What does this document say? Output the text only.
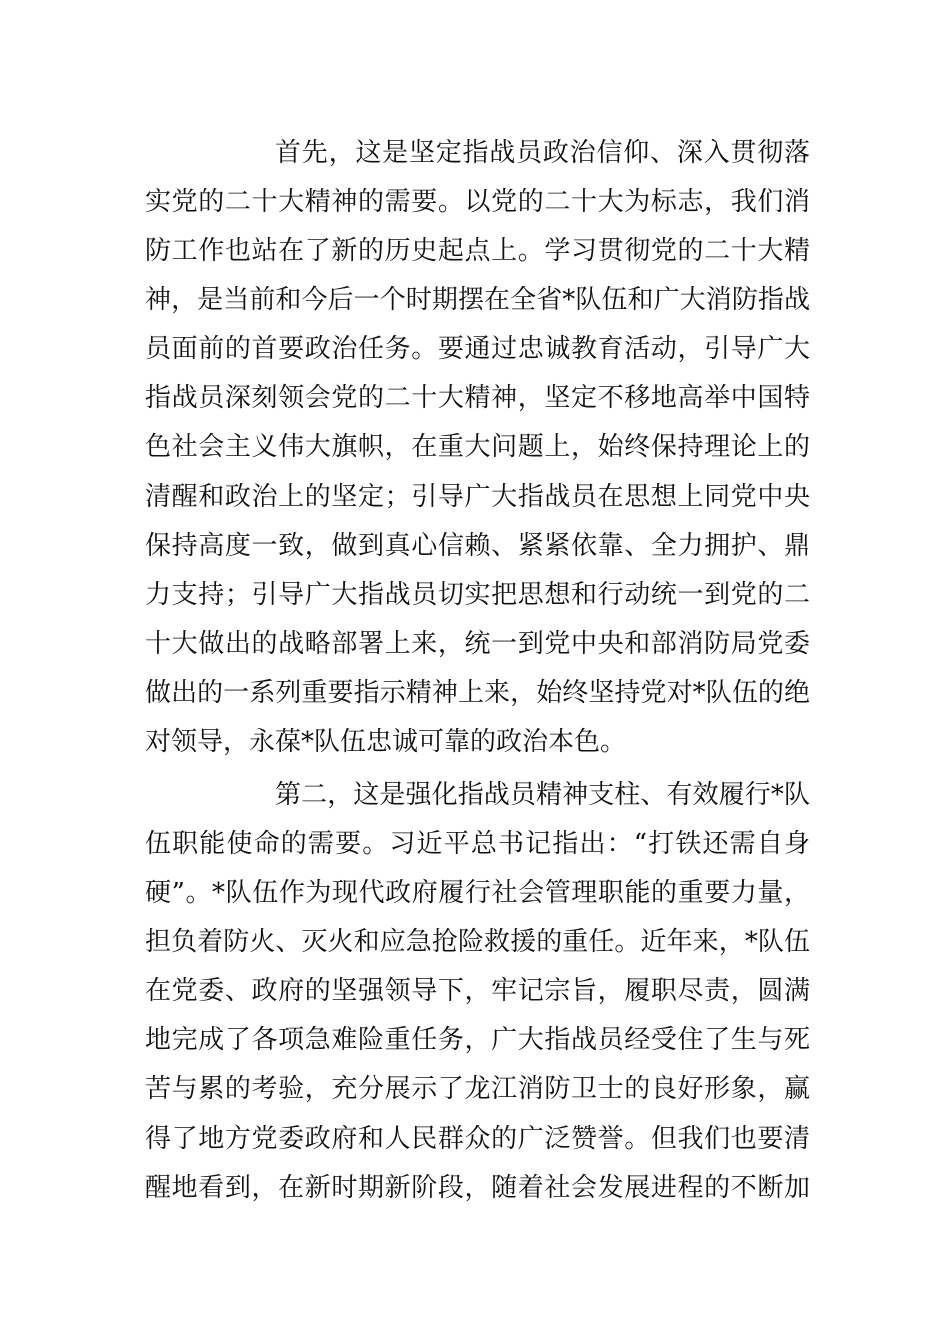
首先，这是坚定指战员政治信仰、深入贯彻落
实党的二十大精神的需要。以党的二十大为标志，我们消
防工作也站在了新的历史起点上。学习贯彻党的二十大精
神，是当前和今后一个时期摆在全省*队伍和广大消防指战
员面前的首要政治任务。要通过忠诚教育活动，引导广大
指战员深刻领会党的二十大精神，坚定不移地高举中国特
色社会主义伟大旗帜，在重大问题上，始终保持理论上的
清醒和政治上的坚定；引导广大指战员在思想上同党中央
保持高度一致，做到真心信赖、紧紧依靠、全力拥护、鼎
力支持；引导广大指战员切实把思想和行动统一到党的二
十大做出的战略部署上来，统一到党中央和部消防局党委
做出的一系列重要指示精神上来，始终坚持党对*队伍的绝
对领导，永葆*队伍忠诚可靠的政治本色。
第二，这是强化指战员精神支柱、有效履行*队
伍职能使命的需要。习近平总书记指出：“打铁还需自身
硬”。*队伍作为现代政府履行社会管理职能的重要力量，
担负着防火、灭火和应急抢险救援的重任。近年来，*队伍
在党委、政府的坚强领导下，牢记宗旨，履职尽责，圆满
地完成了各项急难险重任务，广大指战员经受住了生与死
苦与累的考验，充分展示了龙江消防卫士的良好形象，赢
得了地方党委政府和人民群众的广泛赞誉。但我们也要清
醒地看到，在新时期新阶段，随着社会发展进程的不断加
